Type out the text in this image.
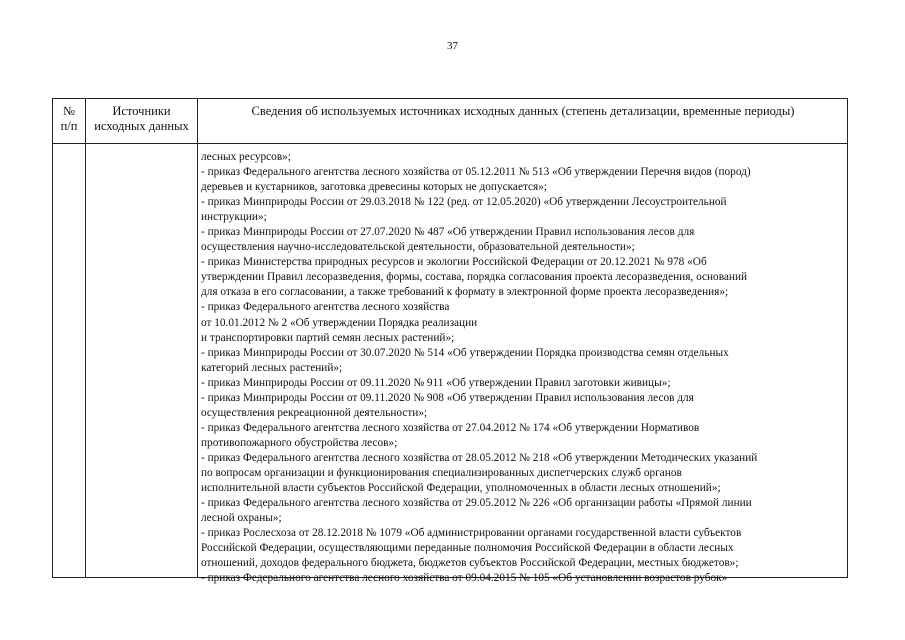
37
№
п/п
Источники
исходных данных
Сведения об используемых источниках исходных данных (степень детализации, временные периоды)
лесных ресурсов»;
- приказ Федерального агентства лесного хозяйства от 05.12.2011 № 513 «Об утверждении Перечня видов (пород)
деревьев и кустарников, заготовка древесины которых не допускается»;
- приказ Минприроды России от 29.03.2018 № 122 (ред. от 12.05.2020) «Об утверждении Лесоустроительной
инструкции»;
- приказ Минприроды России от 27.07.2020 № 487 «Об утверждении Правил использования лесов для
осуществления научно-исследовательской деятельности, образовательной деятельности»;
- приказ Министерства природных ресурсов и экологии Российской Федерации от 20.12.2021 № 978 «Об
утверждении Правил лесоразведения, формы, состава, порядка согласования проекта лесоразведения, оснований
для отказа в его согласовании, а также требований к формату в электронной форме проекта лесоразведения»;
- приказ Федерального агентства лесного хозяйства
от 10.01.2012 № 2 «Об утверждении Порядка реализации
и транспортировки партий семян лесных растений»;
- приказ Минприроды России от 30.07.2020 № 514 «Об утверждении Порядка производства семян отдельных
категорий лесных растений»;
- приказ Минприроды России от 09.11.2020 № 911 «Об утверждении Правил заготовки живицы»;
- приказ Минприроды России от 09.11.2020 № 908 «Об утверждении Правил использования лесов для
осуществления рекреационной деятельности»;
- приказ Федерального агентства лесного хозяйства от 27.04.2012 № 174 «Об утверждении Нормативов
противопожарного обустройства лесов»;
- приказ Федерального агентства лесного хозяйства от 28.05.2012 № 218 «Об утверждении Методических указаний
по вопросам организации и функционирования специализированных диспетчерских служб органов
исполнительной власти субъектов Российской Федерации, уполномоченных в области лесных отношений»;
- приказ Федерального агентства лесного хозяйства от 29.05.2012 № 226 «Об организации работы «Прямой линии
лесной охраны»;
- приказ Рослесхоза от 28.12.2018 № 1079 «Об администрировании органами государственной власти субъектов
Российской Федерации, осуществляющими переданные полномочия Российской Федерации в области лесных
отношений, доходов федерального бюджета, бюджетов субъектов Российской Федерации, местных бюджетов»;
- приказ Федерального агентства лесного хозяйства от 09.04.2015 № 105 «Об установлении возрастов рубок»
